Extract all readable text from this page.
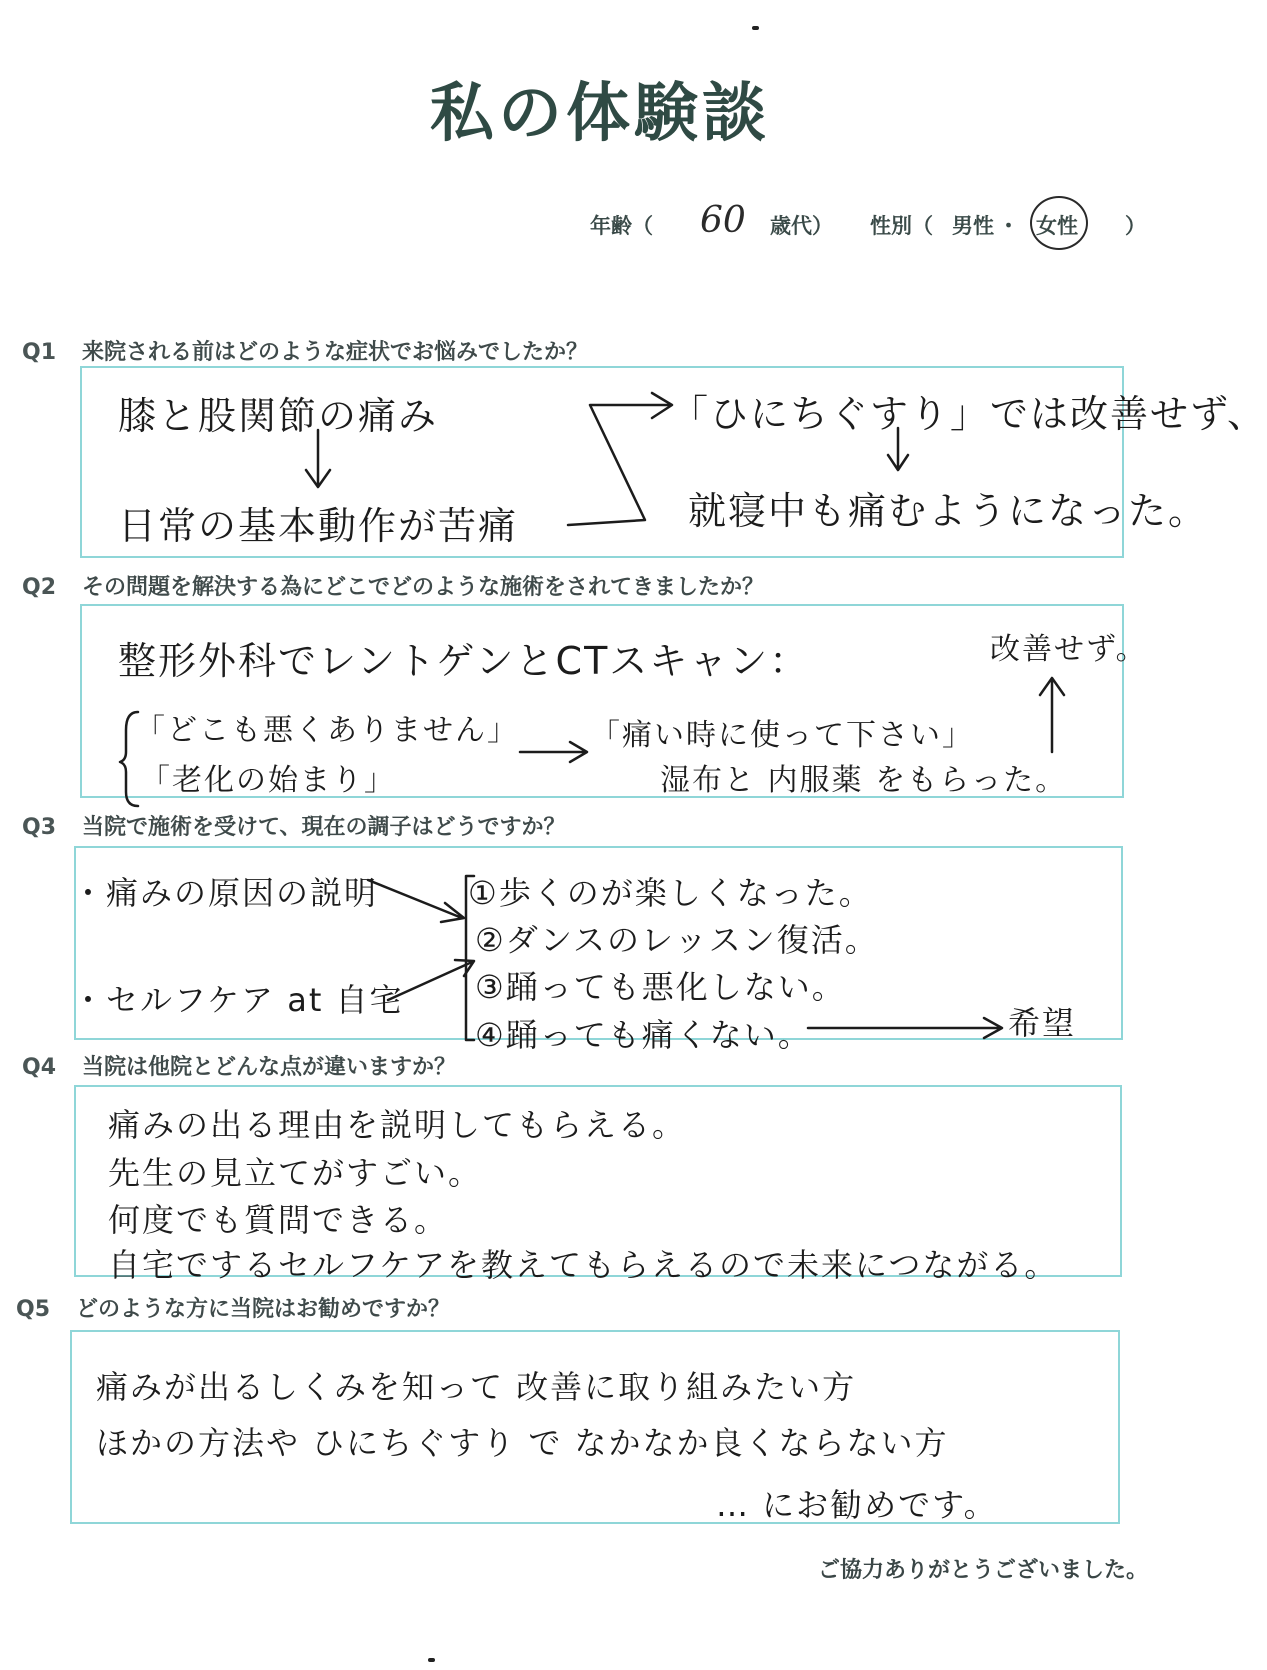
私の体験談
年齢（ 60 歳代） 性別（ 男性 ・ 女性 ）
Q1 来院される前はどのような症状でお悩みでしたか？
膝と股関節の痛み
日常の基本動作が苦痛
「ひにちぐすり」では改善せず、
就寝中も痛むようになった。
Q2 その問題を解決する為にどこでどのような施術をされてきましたか？
整形外科でレントゲンとCTスキャン：
「どこも悪くありません」
「老化の始まり」
「痛い時に使って下さい」
湿布と 内服薬 をもらった。
改善せず。
Q3 当院で施術を受けて、現在の調子はどうですか？
・痛みの原因の説明
・セルフケア at 自宅
①歩くのが楽しくなった。
②ダンスのレッスン復活。
③踊っても悪化しない。
④踊っても痛くない。	希望
Q4 当院は他院とどんな点が違いますか？
痛みの出る理由を説明してもらえる。
先生の見立てがすごい。
何度でも質問できる。
自宅でするセルフケアを教えてもらえるので未来につながる。
Q5 どのような方に当院はお勧めですか？
痛みが出るしくみを知って 改善に取り組みたい方
ほかの方法や ひにちぐすり で なかなか良くならない方
… にお勧めです。
ご協力ありがとうございました。
